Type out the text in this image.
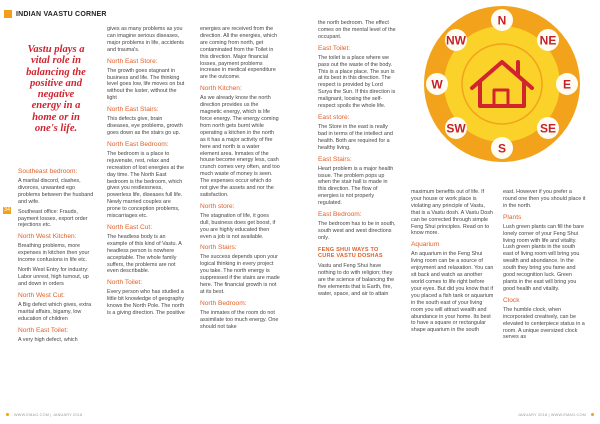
INDIAN VAASTU CORNER
Vastu plays a vital role in balancing the positive and negative energy in a home or in one's life.
34
Southeast bedroom:

A marital discord, clashes, divorces, unwanted ego problems between the husband and wife.

Southeast office: Frauds, payment losses, export order rejections etc.

North West Kitchen:

Breathing problems, more expenses in kitchen then your income confusions in life etc.

North West Entry for industry: Labor unrest, high turnout, up and down in orders

North West Cut:

A Big defect which gives, extra marital affairs, bigamy, low education of children

North East Toilet:

A very high defect, which

gives as many problems as you can imagine serious diseases, major problems in life, accidents and trauma's.

North East Store:

The growth goes stagnant in business and life. The thinking level goes low, life moves on but without the luster, without the light

North East Stairs:

This defects give, brain diseases, eye problems, growth goes down as the stairs go up.

North East Bedroom:

The bedroom is a place to rejuvenate, rest, relax and recreation of lost energies at the day time. The North East bedroom is the bedroom, which gives you restlessness, powerless life, diseases full life. Newly married couples are prone to conception problems, miscarriages etc.

North East Cut:

The headless body is an example of this kind of Vastu. A headless person is nowhere acceptable. The whole family suffers, the problems are not even describable.

North Toilet:

Every person who has studied a little bit knowledge of geography knows the North Pole. The north is a giving direction. The positive

energies are received from the direction. All the energies, which are coming from north, get contaminated from the Toilet in this direction. Major financial losses, payment problems increase in medical expenditure are the outcome.

North Kitchen:

As we already know the north direction provides us the magnetic energy, which is life force energy. The energy coming from north gets burnt while operating a kitchen in the north as it has a major activity of fire here and north is a water element area. Inmates of the house become energy less, cash crunch comes very often, and too much waste of money is seen. The expenses occur which do not give the assets and nor the satisfaction.

North store:

The stagnation of life, it goes dull, business does get boost, if you are highly educated then even a job is not available.

North Stairs:

The success depends upon your logical thinking in every project you take. The north energy is suppressed if the stairs are made here. The financial growth is not at its best.

North Bedroom:

The inmates of the room do not assimilate too much energy. One should not take

the north bedroom. The effect comes on the mental level of the occupant.

East Toilet:

The toilet is a place where we pass out the waste of the body. This is a place place. The sun is at its best in this direction. The respect is provided by Lord Surya the Sun. If this direction is malignant, loosing the self-respect spoils the whole life.

East store:

The Store in the east is really bad in terms of the intellect and health. Both are required for a healthy living.

East Stairs:

Heart problem is a major health issue. The problem pops up when the stair hall is made in this direction. The flow of energies is not properly regulated.

East Bedroom:

The bedroom has to be in south, south west and west directions only.

FENG SHUI WAYS TO CURE VASTU DOSHAS

Vastu and Feng Shui have nothing to do with religion; they are the science of balancing the five elements that is Earth, fire, water, space, and air to attain

maximum benefits out of life. If your house or work place is violating any principle of Vastu, that is a Vastu dosh. A Vastu Dosh can be corrected through simple Feng Shui principles. Read on to know more.

Aquarium

An aquarium in the Feng Shui living room can be a source of enjoyment and relaxation. You can sit back and watch as another world comes to life right before your eyes. But did you know that if you placed a fish tank or aquarium in the south east of your living room you will attract wealth and abundance in your home. Its best to have a square or rectangular shape aquarium in the south

east. However if you prefer a round one then you should place it in the north.

Plants

Lush green plants can fill the bare lonely corner of your Feng Shui living room with life and vitality. Lush green plants in the south east of living room will bring you wealth and abundance. In the south they bring you fame and good recognition luck. Green plants in the east will bring you good health and vitality.

Clock

The humble clock, when incorporated creatively, can be elevated to centerpiece status in a room. A unique oversized clock serves as

N
NE
E
SE
S
SW
W
NW
WWW.EMAG.COM | JANUARY 2018	JANUARY 2018 | WWW.EMAG.COM
